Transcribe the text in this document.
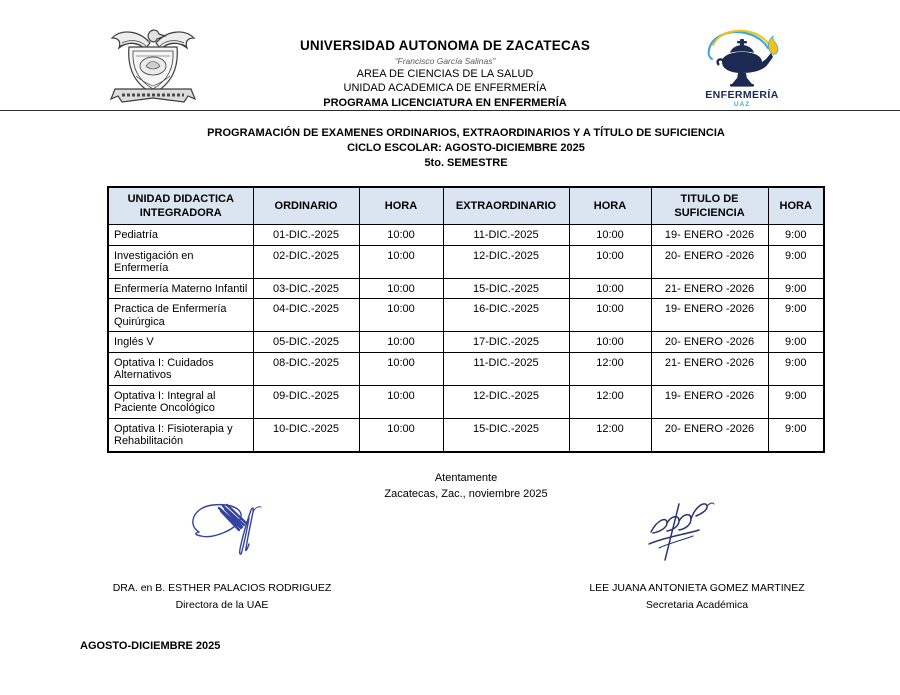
UNIVERSIDAD AUTONOMA DE ZACATECAS
“Francisco García Salinas”
AREA DE CIENCIAS DE LA SALUD
UNIDAD ACADEMICA DE ENFERMERÍA
PROGRAMA LICENCIATURA EN ENFERMERÍA
ENFERMERÍA
UAZ
PROGRAMACIÓN DE EXAMENES ORDINARIOS, EXTRAORDINARIOS Y A TÍTULO DE SUFICIENCIA
CICLO ESCOLAR: AGOSTO-DICIEMBRE 2025
5to. SEMESTRE
UNIDAD DIDACTICA INTEGRADORA	ORDINARIO	HORA	EXTRAORDINARIO	HORA	TITULO DE SUFICIENCIA	HORA
Pediatría	01-DIC.-2025	10:00	11-DIC.-2025	10:00	19- ENERO -2026	9:00
Investigación en Enfermería	02-DIC.-2025	10:00	12-DIC.-2025	10:00	20- ENERO -2026	9:00
Enfermería Materno Infantil	03-DIC.-2025	10:00	15-DIC.-2025	10:00	21- ENERO -2026	9:00
Practica de Enfermería Quirúrgica	04-DIC.-2025	10:00	16-DIC.-2025	10:00	19- ENERO -2026	9:00
Inglés V	05-DIC.-2025	10:00	17-DIC.-2025	10:00	20- ENERO -2026	9:00
Optativa I: Cuidados Alternativos	08-DIC.-2025	10:00	11-DIC.-2025	12:00	21- ENERO -2026	9:00
Optativa I: Integral al Paciente Oncológico	09-DIC.-2025	10:00	12-DIC.-2025	12:00	19- ENERO -2026	9:00
Optativa I: Fisioterapia y Rehabilitación	10-DIC.-2025	10:00	15-DIC.-2025	12:00	20- ENERO -2026	9:00
Atentamente
Zacatecas, Zac., noviembre 2025
DRA. en B. ESTHER PALACIOS RODRIGUEZ
Directora de la UAE
LEE JUANA ANTONIETA GOMEZ MARTINEZ
Secretaria Académica
AGOSTO-DICIEMBRE 2025
